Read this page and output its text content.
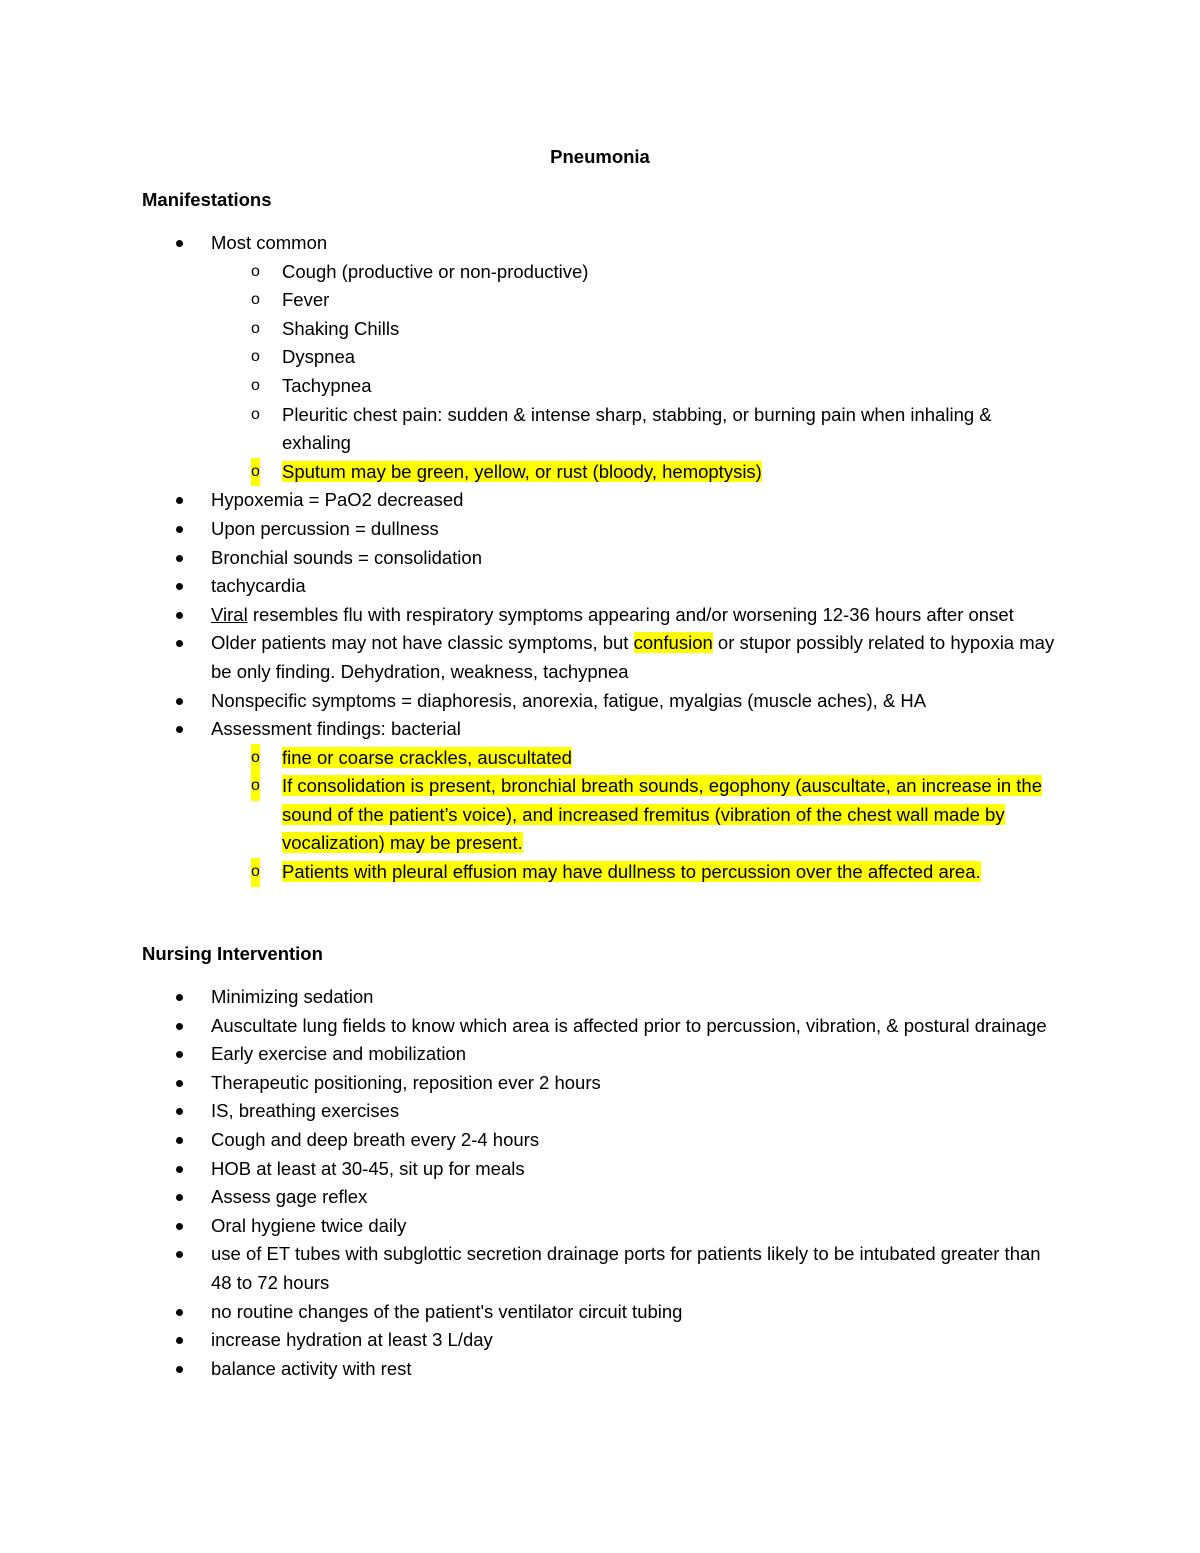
Pneumonia
Manifestations
Most common
o Cough (productive or non-productive)
o Fever
o Shaking Chills
o Dyspnea
o Tachypnea
o Pleuritic chest pain: sudden & intense sharp, stabbing, or burning pain when inhaling & exhaling
o Sputum may be green, yellow, or rust (bloody, hemoptysis)
Hypoxemia = PaO2 decreased
Upon percussion = dullness
Bronchial sounds = consolidation
tachycardia
Viral resembles flu with respiratory symptoms appearing and/or worsening 12-36 hours after onset
Older patients may not have classic symptoms, but confusion or stupor possibly related to hypoxia may be only finding. Dehydration, weakness, tachypnea
Nonspecific symptoms = diaphoresis, anorexia, fatigue, myalgias (muscle aches), & HA
Assessment findings: bacterial
o fine or coarse crackles, auscultated
o If consolidation is present, bronchial breath sounds, egophony (auscultate, an increase in the sound of the patient’s voice), and increased fremitus (vibration of the chest wall made by vocalization) may be present.
o Patients with pleural effusion may have dullness to percussion over the affected area.
Nursing Intervention
Minimizing sedation
Auscultate lung fields to know which area is affected prior to percussion, vibration, & postural drainage
Early exercise and mobilization
Therapeutic positioning, reposition ever 2 hours
IS, breathing exercises
Cough and deep breath every 2-4 hours
HOB at least at 30-45, sit up for meals
Assess gage reflex
Oral hygiene twice daily
use of ET tubes with subglottic secretion drainage ports for patients likely to be intubated greater than 48 to 72 hours
no routine changes of the patient's ventilator circuit tubing
increase hydration at least 3 L/day
balance activity with rest
